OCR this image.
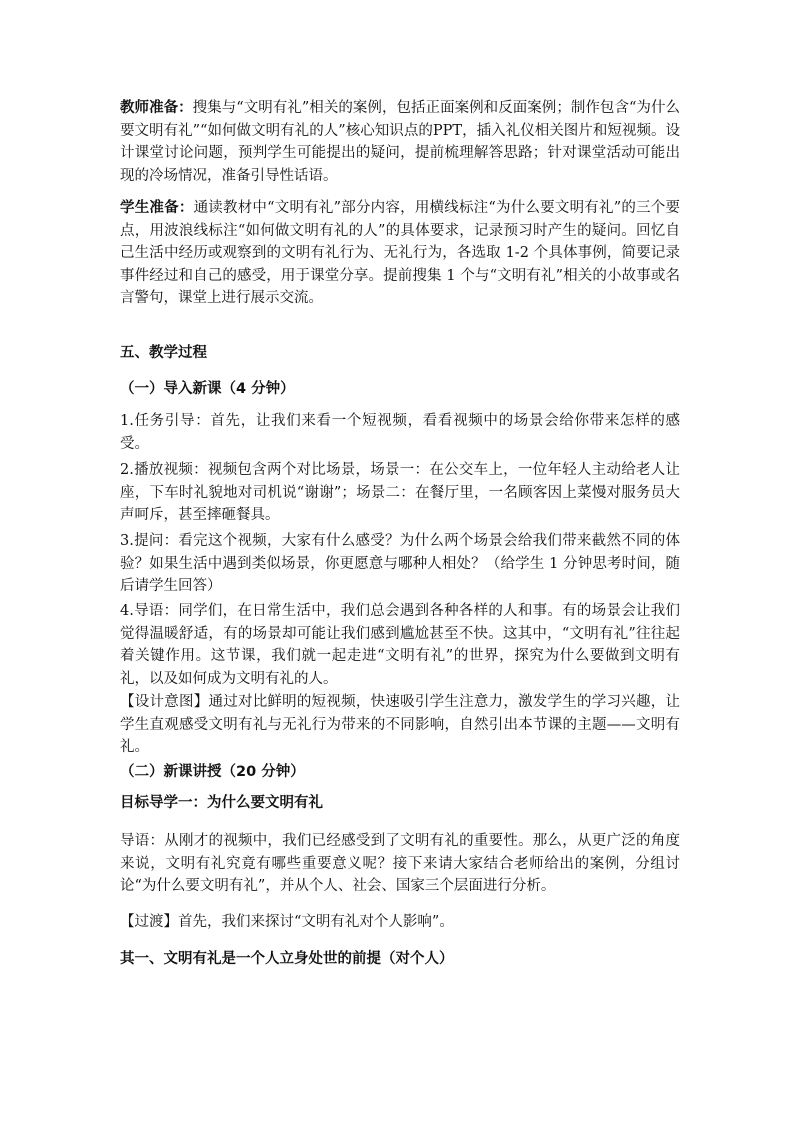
教师准备：搜集与“文明有礼”相关的案例，包括正面案例和反面案例；制作包含“为什么要文明有礼”“如何做文明有礼的人”核心知识点的PPT，插入礼仪相关图片和短视频。设计课堂讨论问题，预判学生可能提出的疑问，提前梳理解答思路；针对课堂活动可能出现的冷场情况，准备引导性话语。

学生准备：通读教材中“文明有礼”部分内容，用横线标注“为什么要文明有礼”的三个要点，用波浪线标注“如何做文明有礼的人”的具体要求，记录预习时产生的疑问。回忆自己生活中经历或观察到的文明有礼行为、无礼行为，各选取 1-2 个具体事例，简要记录事件经过和自己的感受，用于课堂分享。提前搜集 1 个与“文明有礼”相关的小故事或名言警句，课堂上进行展示交流。

五、教学过程

（一）导入新课（4 分钟）

1.任务引导：首先，让我们来看一个短视频，看看视频中的场景会给你带来怎样的感受。

2.播放视频：视频包含两个对比场景，场景一：在公交车上，一位年轻人主动给老人让座，下车时礼貌地对司机说“谢谢”；场景二：在餐厅里，一名顾客因上菜慢对服务员大声呵斥，甚至摔砸餐具。

3.提问：看完这个视频，大家有什么感受？为什么两个场景会给我们带来截然不同的体验？如果生活中遇到类似场景，你更愿意与哪种人相处？（给学生 1 分钟思考时间，随后请学生回答）

4.导语：同学们，在日常生活中，我们总会遇到各种各样的人和事。有的场景会让我们觉得温暖舒适，有的场景却可能让我们感到尴尬甚至不快。这其中，“文明有礼”往往起着关键作用。这节课，我们就一起走进“文明有礼”的世界，探究为什么要做到文明有礼，以及如何成为文明有礼的人。

【设计意图】通过对比鲜明的短视频，快速吸引学生注意力，激发学生的学习兴趣，让学生直观感受文明有礼与无礼行为带来的不同影响，自然引出本节课的主题——文明有礼。

（二）新课讲授（20 分钟）

目标导学一：为什么要文明有礼

导语：从刚才的视频中，我们已经感受到了文明有礼的重要性。那么，从更广泛的角度来说，文明有礼究竟有哪些重要意义呢？接下来请大家结合老师给出的案例，分组讨论“为什么要文明有礼”，并从个人、社会、国家三个层面进行分析。

【过渡】首先，我们来探讨“文明有礼对个人影响”。

其一、文明有礼是一个人立身处世的前提（对个人）
